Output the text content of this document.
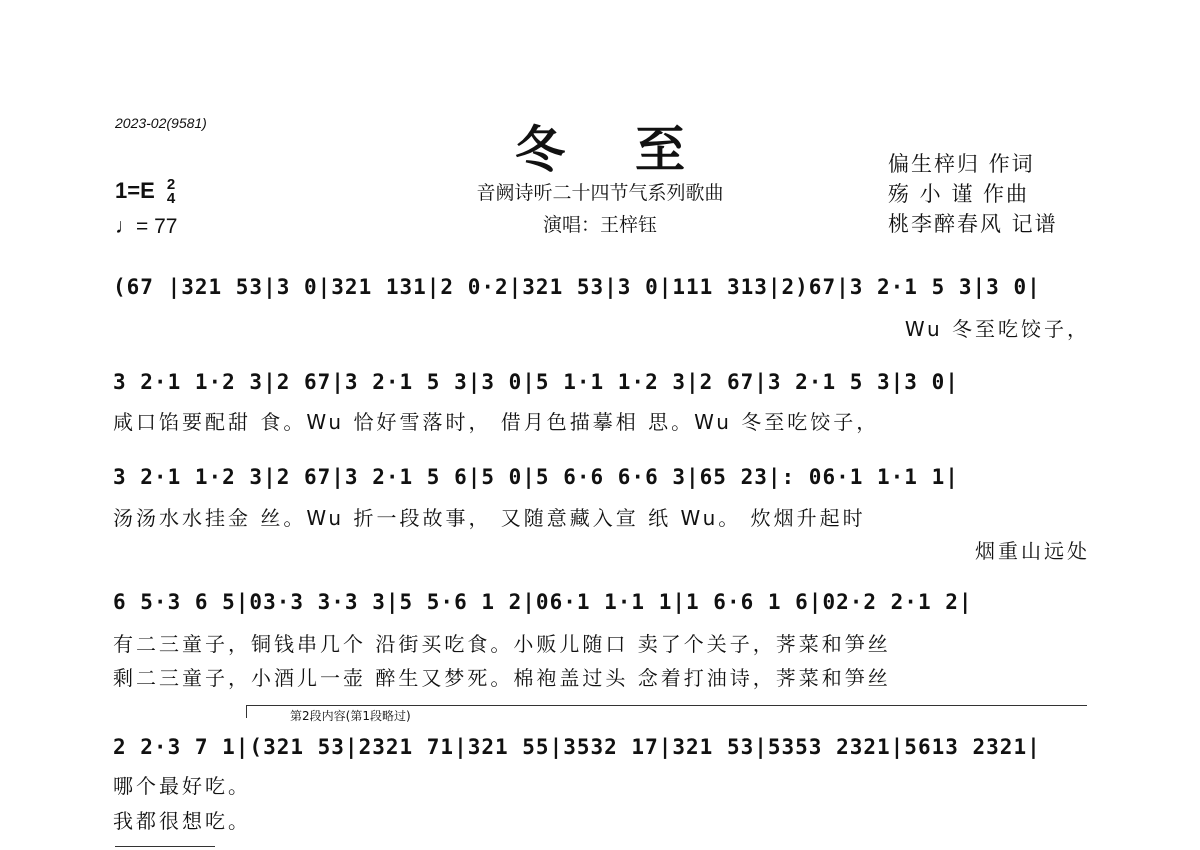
2023-02(9581)	冬至
音阙诗听二十四节气系列歌曲
演唱：王梓钰
偏生梓归 作词
殇 小 谨 作曲
桃李醉春风 记谱
1=E 2
4
♩= 77
(67 |321 53|3 0|321 131|2 0·2|321 53|3 0|111 313|2)67|3 2·1 5 3|3 0|
Wu 冬至吃饺子，
3 2·1 1·2 3|2 67|3 2·1 5 3|3 0|5 1·1 1·2 3|2 67|3 2·1 5 3|3 0|
咸口馅要配甜 食。Wu 恰好雪落时， 借月色描摹相 思。Wu 冬至吃饺子，
3 2·1 1·2 3|2 67|3 2·1 5 6|5 0|5 6·6 6·6 3|65 23|: 06·1 1·1 1|
汤汤水水挂金 丝。Wu 折一段故事， 又随意藏入宣 纸 Wu。 炊烟升起时
烟重山远处
6 5·3 6 5|03·3 3·3 3|5 5·6 1 2|06·1 1·1 1|1 6·6 1 6|02·2 2·1 2|
有二三童子，铜钱串几个 沿街买吃食。小贩儿随口 卖了个关子，荠菜和笋丝
剩二三童子，小酒儿一壶 醉生又梦死。棉袍盖过头 念着打油诗，荠菜和笋丝
第2段内容(第1段略过)
2 2·3 7 1|(321 53|2321 71|321 55|3532 17|321 53|5353 2321|5613 2321|
哪个最好吃。
我都很想吃。
